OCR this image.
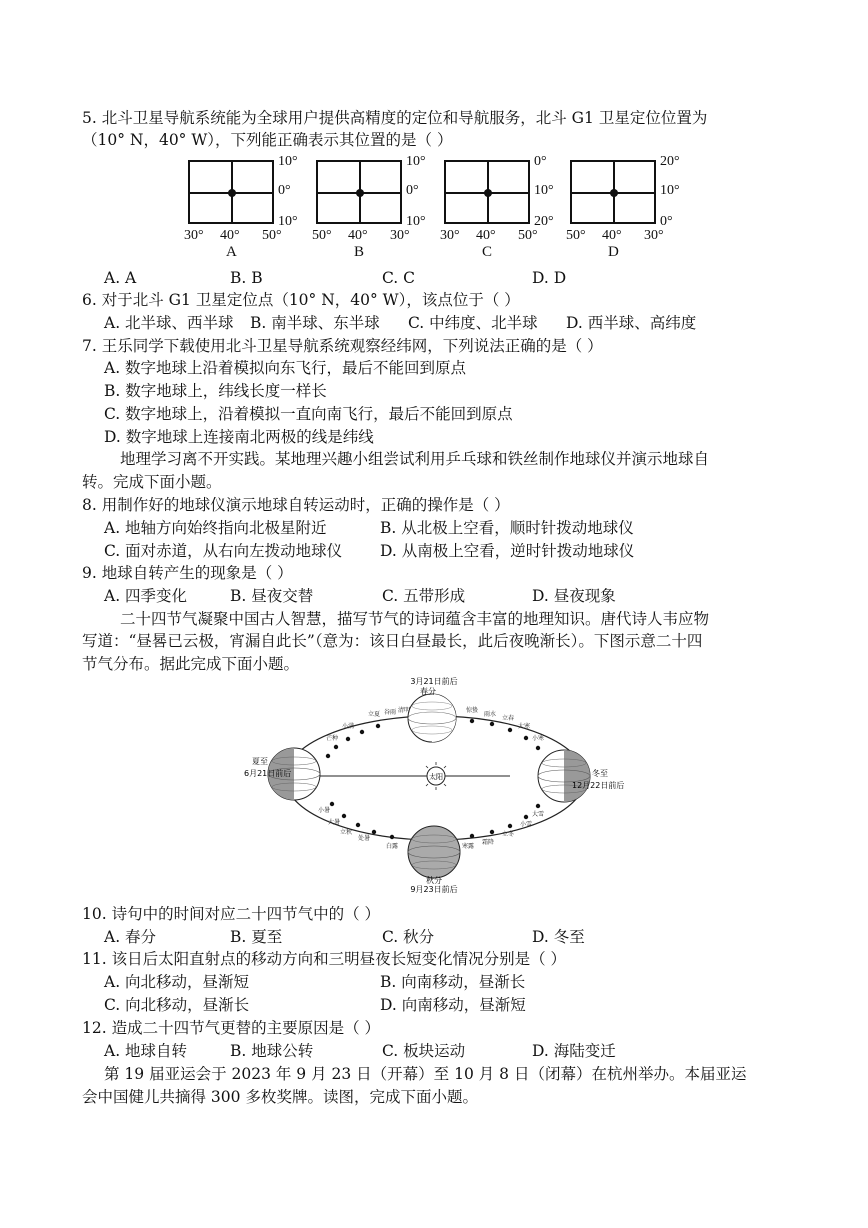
5. 北斗卫星导航系统能为全球用户提供高精度的定位和导航服务，北斗 G1 卫星定位位置为
（10° N，40° W），下列能正确表示其位置的是（ ）
10°
0°
10°
30° 40° 50°
A
10°
0°
10°
50° 40° 30°
B
0°
10°
20°
30° 40° 50°
C
20°
10°
0°
50° 40° 30°
D
A. A	B. B	C. C	D. D
6. 对于北斗 G1 卫星定位点（10° N，40° W），该点位于（ ）
A. 北半球、西半球 B. 南半球、东半球 C. 中纬度、北半球 D. 西半球、高纬度
7. 王乐同学下载使用北斗卫星导航系统观察经纬网，下列说法正确的是（ ）
A. 数字地球上沿着模拟向东飞行，最后不能回到原点
B. 数字地球上，纬线长度一样长
C. 数字地球上，沿着模拟一直向南飞行，最后不能回到原点
D. 数字地球上连接南北两极的线是纬线
地理学习离不开实践。某地理兴趣小组尝试利用乒乓球和铁丝制作地球仪并演示地球自
转。完成下面小题。
8. 用制作好的地球仪演示地球自转运动时，正确的操作是（ ）
A. 地轴方向始终指向北极星附近	B. 从北极上空看，顺时针拨动地球仪
C. 面对赤道，从右向左拨动地球仪 D. 从南极上空看，逆时针拨动地球仪
9. 地球自转产生的现象是（ ）
A. 四季变化	B. 昼夜交替	C. 五带形成	D. 昼夜现象
二十四节气凝聚中国古人智慧，描写节气的诗词蕴含丰富的地理知识。唐代诗人韦应物
写道：“昼晷已云极，宵漏自此长”（意为：该日白昼最长，此后夜晚渐长）。下图示意二十四
节气分布。据此完成下面小题。
太阳
3月21日前后
春分
夏至
6月21日前后	冬至
12月22日前后
9月23日前后
秋分
立夏 谷雨 清明	惊蛰
雨水
立春
大寒
小寒
小满
芒种
小暑
大暑
立秋
处暑
白露	寒露
霜降
立冬
小雪
大雪
10. 诗句中的时间对应二十四节气中的（ ）
A. 春分	B. 夏至	C. 秋分	D. 冬至
11. 该日后太阳直射点的移动方向和三明昼夜长短变化情况分别是（ ）
A. 向北移动，昼渐短	B. 向南移动，昼渐长
C. 向北移动，昼渐长	D. 向南移动，昼渐短
12. 造成二十四节气更替的主要原因是（ ）
A. 地球自转	B. 地球公转	C. 板块运动	D. 海陆变迁
第 19 届亚运会于 2023 年 9 月 23 日（开幕）至 10 月 8 日（闭幕）在杭州举办。本届亚运
会中国健儿共摘得 300 多枚奖牌。读图，完成下面小题。
